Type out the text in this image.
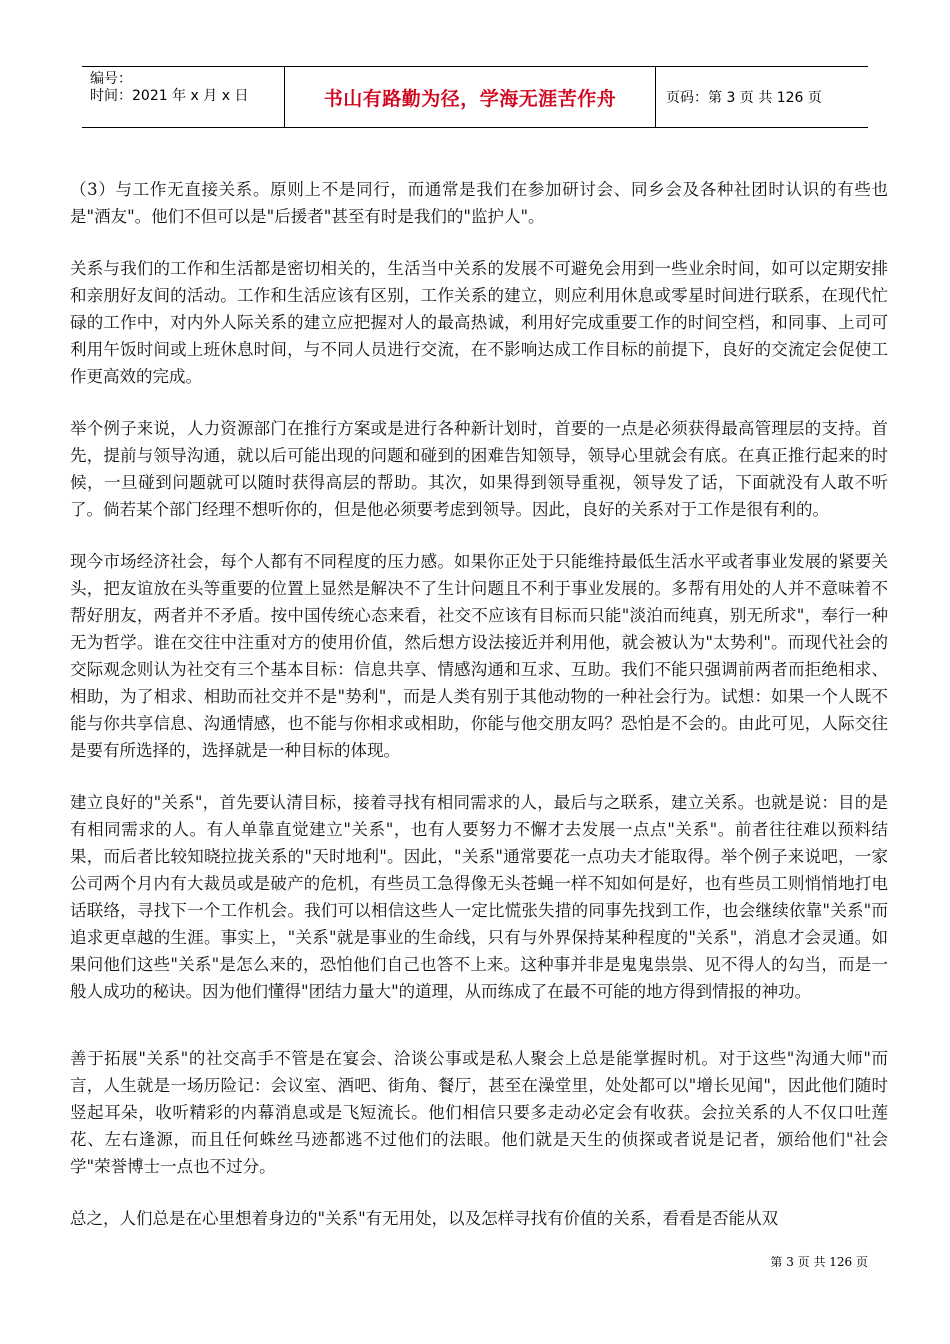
编号：
时间：2021 年 x 月 x 日	书山有路勤为径，学海无涯苦作舟	页码：第 3 页 共 126 页

（3）与工作无直接关系。原则上不是同行，而通常是我们在参加研讨会、同乡会及各种社团时认识的有些也是"酒友"。他们不但可以是"后援者"甚至有时是我们的"监护人"。

关系与我们的工作和生活都是密切相关的，生活当中关系的发展不可避免会用到一些业余时间，如可以定期安排和亲朋好友间的活动。工作和生活应该有区别，工作关系的建立，则应利用休息或零星时间进行联系，在现代忙碌的工作中，对内外人际关系的建立应把握对人的最高热诚，利用好完成重要工作的时间空档，和同事、上司可利用午饭时间或上班休息时间，与不同人员进行交流，在不影响达成工作目标的前提下，良好的交流定会促使工作更高效的完成。

举个例子来说，人力资源部门在推行方案或是进行各种新计划时，首要的一点是必须获得最高管理层的支持。首先，提前与领导沟通，就以后可能出现的问题和碰到的困难告知领导，领导心里就会有底。在真正推行起来的时候，一旦碰到问题就可以随时获得高层的帮助。其次，如果得到领导重视，领导发了话，下面就没有人敢不听了。倘若某个部门经理不想听你的，但是他必须要考虑到领导。因此，良好的关系对于工作是很有利的。

现今市场经济社会，每个人都有不同程度的压力感。如果你正处于只能维持最低生活水平或者事业发展的紧要关头，把友谊放在头等重要的位置上显然是解决不了生计问题且不利于事业发展的。多帮有用处的人并不意味着不帮好朋友，两者并不矛盾。按中国传统心态来看，社交不应该有目标而只能"淡泊而纯真，别无所求"，奉行一种无为哲学。谁在交往中注重对方的使用价值，然后想方设法接近并利用他，就会被认为"太势利"。而现代社会的交际观念则认为社交有三个基本目标：信息共享、情感沟通和互求、互助。我们不能只强调前两者而拒绝相求、相助，为了相求、相助而社交并不是"势利"，而是人类有别于其他动物的一种社会行为。试想：如果一个人既不能与你共享信息、沟通情感，也不能与你相求或相助，你能与他交朋友吗？恐怕是不会的。由此可见，人际交往是要有所选择的，选择就是一种目标的体现。

建立良好的"关系"，首先要认清目标，接着寻找有相同需求的人，最后与之联系，建立关系。也就是说：目的是有相同需求的人。有人单靠直觉建立"关系"，也有人要努力不懈才去发展一点点"关系"。前者往往难以预料结果，而后者比较知晓拉拢关系的"天时地利"。因此，"关系"通常要花一点功夫才能取得。举个例子来说吧，一家公司两个月内有大裁员或是破产的危机，有些员工急得像无头苍蝇一样不知如何是好，也有些员工则悄悄地打电话联络，寻找下一个工作机会。我们可以相信这些人一定比慌张失措的同事先找到工作，也会继续依靠"关系"而追求更卓越的生涯。事实上，"关系"就是事业的生命线，只有与外界保持某种程度的"关系"，消息才会灵通。如果问他们这些"关系"是怎么来的，恐怕他们自己也答不上来。这种事并非是鬼鬼祟祟、见不得人的勾当，而是一般人成功的秘诀。因为他们懂得"团结力量大"的道理，从而练成了在最不可能的地方得到情报的神功。

善于拓展"关系"的社交高手不管是在宴会、洽谈公事或是私人聚会上总是能掌握时机。对于这些"沟通大师"而言，人生就是一场历险记：会议室、酒吧、街角、餐厅，甚至在澡堂里，处处都可以"增长见闻"，因此他们随时竖起耳朵，收听精彩的内幕消息或是飞短流长。他们相信只要多走动必定会有收获。会拉关系的人不仅口吐莲花、左右逢源，而且任何蛛丝马迹都逃不过他们的法眼。他们就是天生的侦探或者说是记者，颁给他们"社会学"荣誉博士一点也不过分。

总之，人们总是在心里想着身边的"关系"有无用处，以及怎样寻找有价值的关系，看看是否能从双

第 3 页 共 126 页
